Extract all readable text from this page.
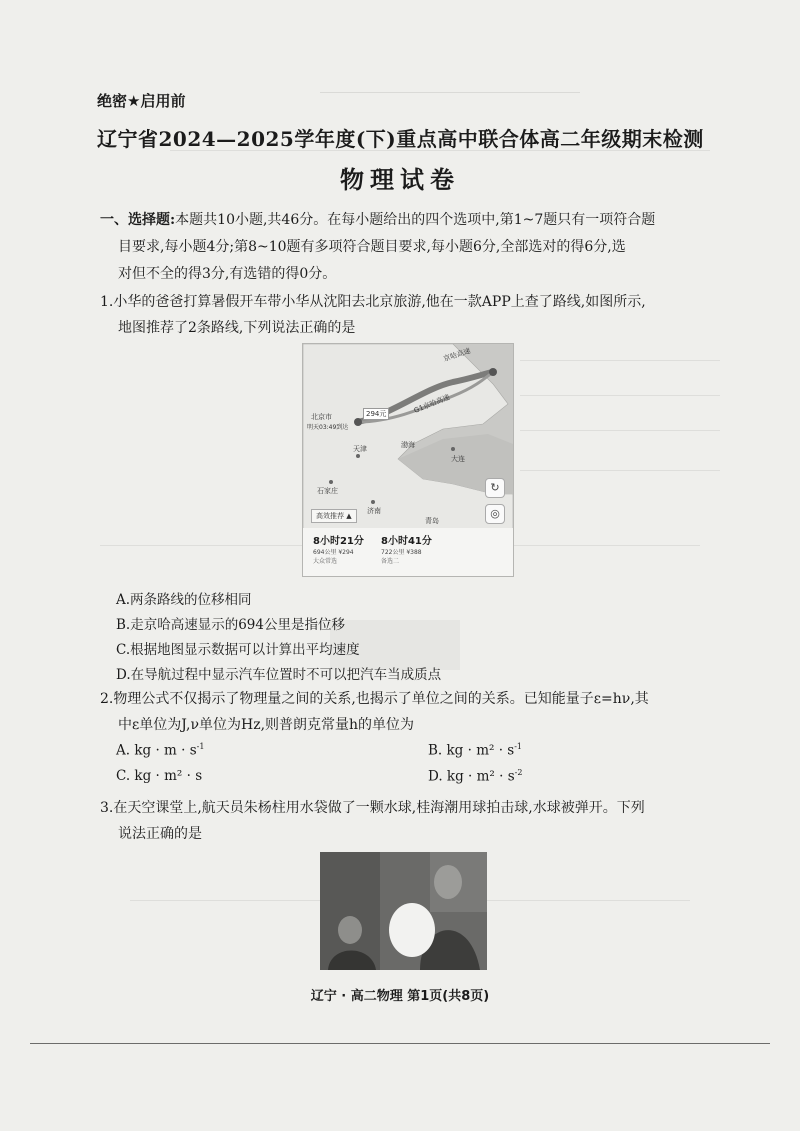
绝密★启用前
辽宁省2024—2025学年度(下)重点高中联合体高二年级期末检测
物理试卷
一、选择题:本题共10小题,共46分。在每小题给出的四个选项中,第1~7题只有一项符合题
目要求,每小题4分;第8~10题有多项符合题目要求,每小题6分,全部选对的得6分,选
对但不全的得3分,有选错的得0分。
1.小华的爸爸打算暑假开车带小华从沈阳去北京旅游,他在一款APP上查了路线,如图所示,
地图推荐了2条路线,下列说法正确的是
京哈高速
G1京哈高速
北京市
明天03:49到达
294元
天津
石家庄
渤海
大连
济南
青岛
↻
◎
高效推荐 ▲
8小时21分
694公里 ¥294
大众常选
8小时41分
722公里 ¥388
备选二
A.两条路线的位移相同
B.走京哈高速显示的694公里是指位移
C.根据地图显示数据可以计算出平均速度
D.在导航过程中显示汽车位置时不可以把汽车当成质点
2.物理公式不仅揭示了物理量之间的关系,也揭示了单位之间的关系。已知能量子ε=hν,其
中ε单位为J,ν单位为Hz,则普朗克常量h的单位为
A. kg · $m \cdot s^{-1}$	B. kg · $m^2 \cdot s^{-1}$
C. kg · m² · s	D. kg · $m^2 \cdot s^{-2}$
3.在天空课堂上,航天员朱杨柱用水袋做了一颗水球,桂海潮用球拍击球,水球被弹开。下列
说法正确的是
辽宁 · 高二物理 第1页(共8页)
